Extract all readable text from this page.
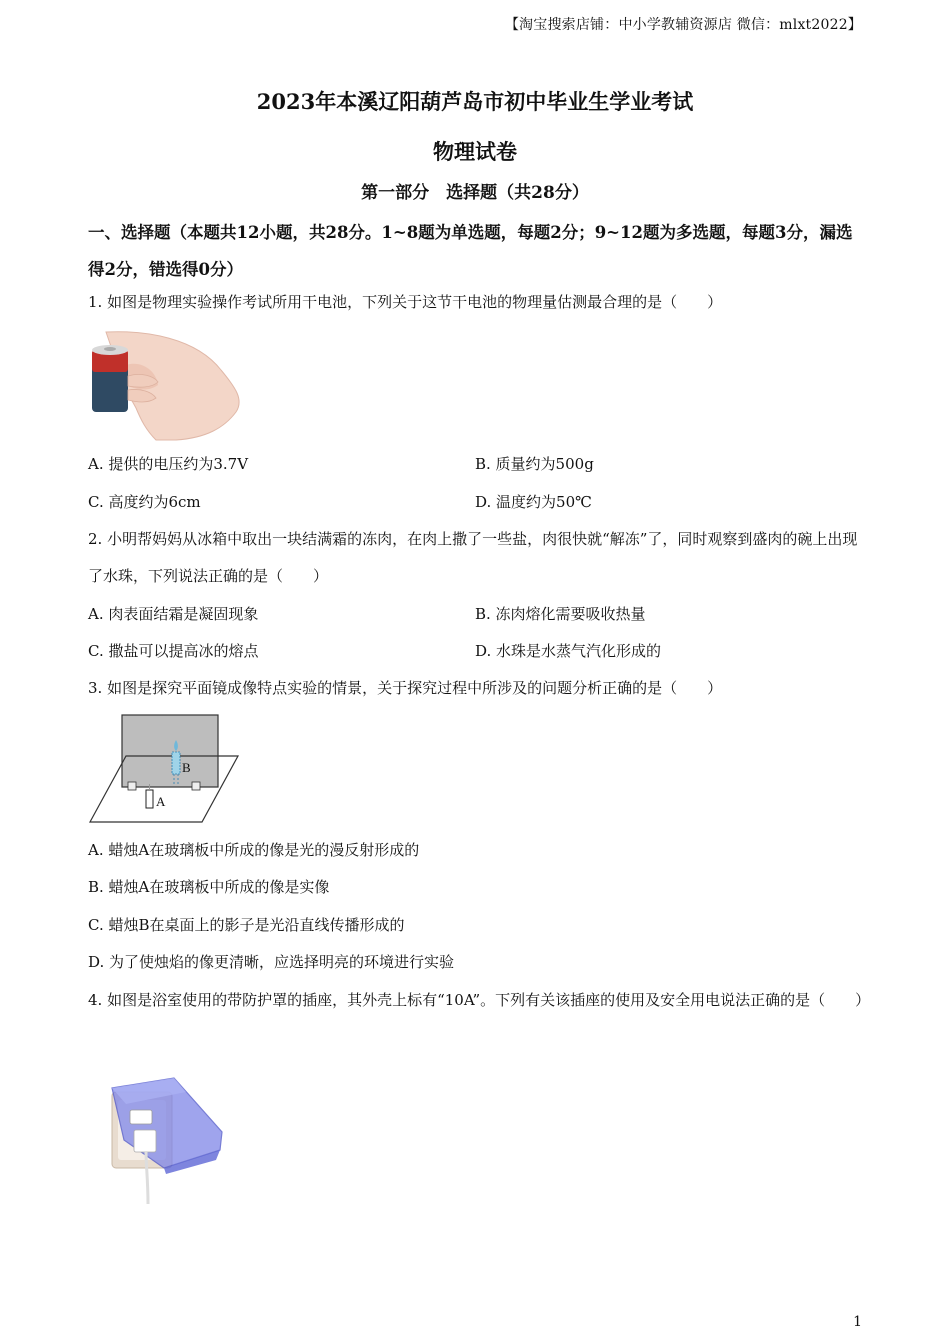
【淘宝搜索店铺：中小学教辅资源店 微信：mlxt2022】
2023年本溪辽阳葫芦岛市初中毕业生学业考试
物理试卷
第一部分　选择题（共28分）
一、选择题（本题共12小题，共28分。1~8题为单选题，每题2分；9~12题为多选题，每题3分，漏选得2分，错选得0分）
1. 如图是物理实验操作考试所用干电池，下列关于这节干电池的物理量估测最合理的是（　　）
A. 提供的电压约为3.7V	B. 质量约为500g
C. 高度约为6cm	D. 温度约为50℃
2. 小明帮妈妈从冰箱中取出一块结满霜的冻肉，在肉上撒了一些盐，肉很快就“解冻”了，同时观察到盛肉的碗上出现了水珠，下列说法正确的是（　　）
A. 肉表面结霜是凝固现象	B. 冻肉熔化需要吸收热量
C. 撒盐可以提高冰的熔点	D. 水珠是水蒸气汽化形成的
3. 如图是探究平面镜成像特点实验的情景，关于探究过程中所涉及的问题分析正确的是（　　）
B
A
A. 蜡烛A在玻璃板中所成的像是光的漫反射形成的
B. 蜡烛A在玻璃板中所成的像是实像
C. 蜡烛B在桌面上的影子是光沿直线传播形成的
D. 为了使烛焰的像更清晰，应选择明亮的环境进行实验
4. 如图是浴室使用的带防护罩的插座，其外壳上标有“10A”。下列有关该插座的使用及安全用电说法正确的是（　　）
1
